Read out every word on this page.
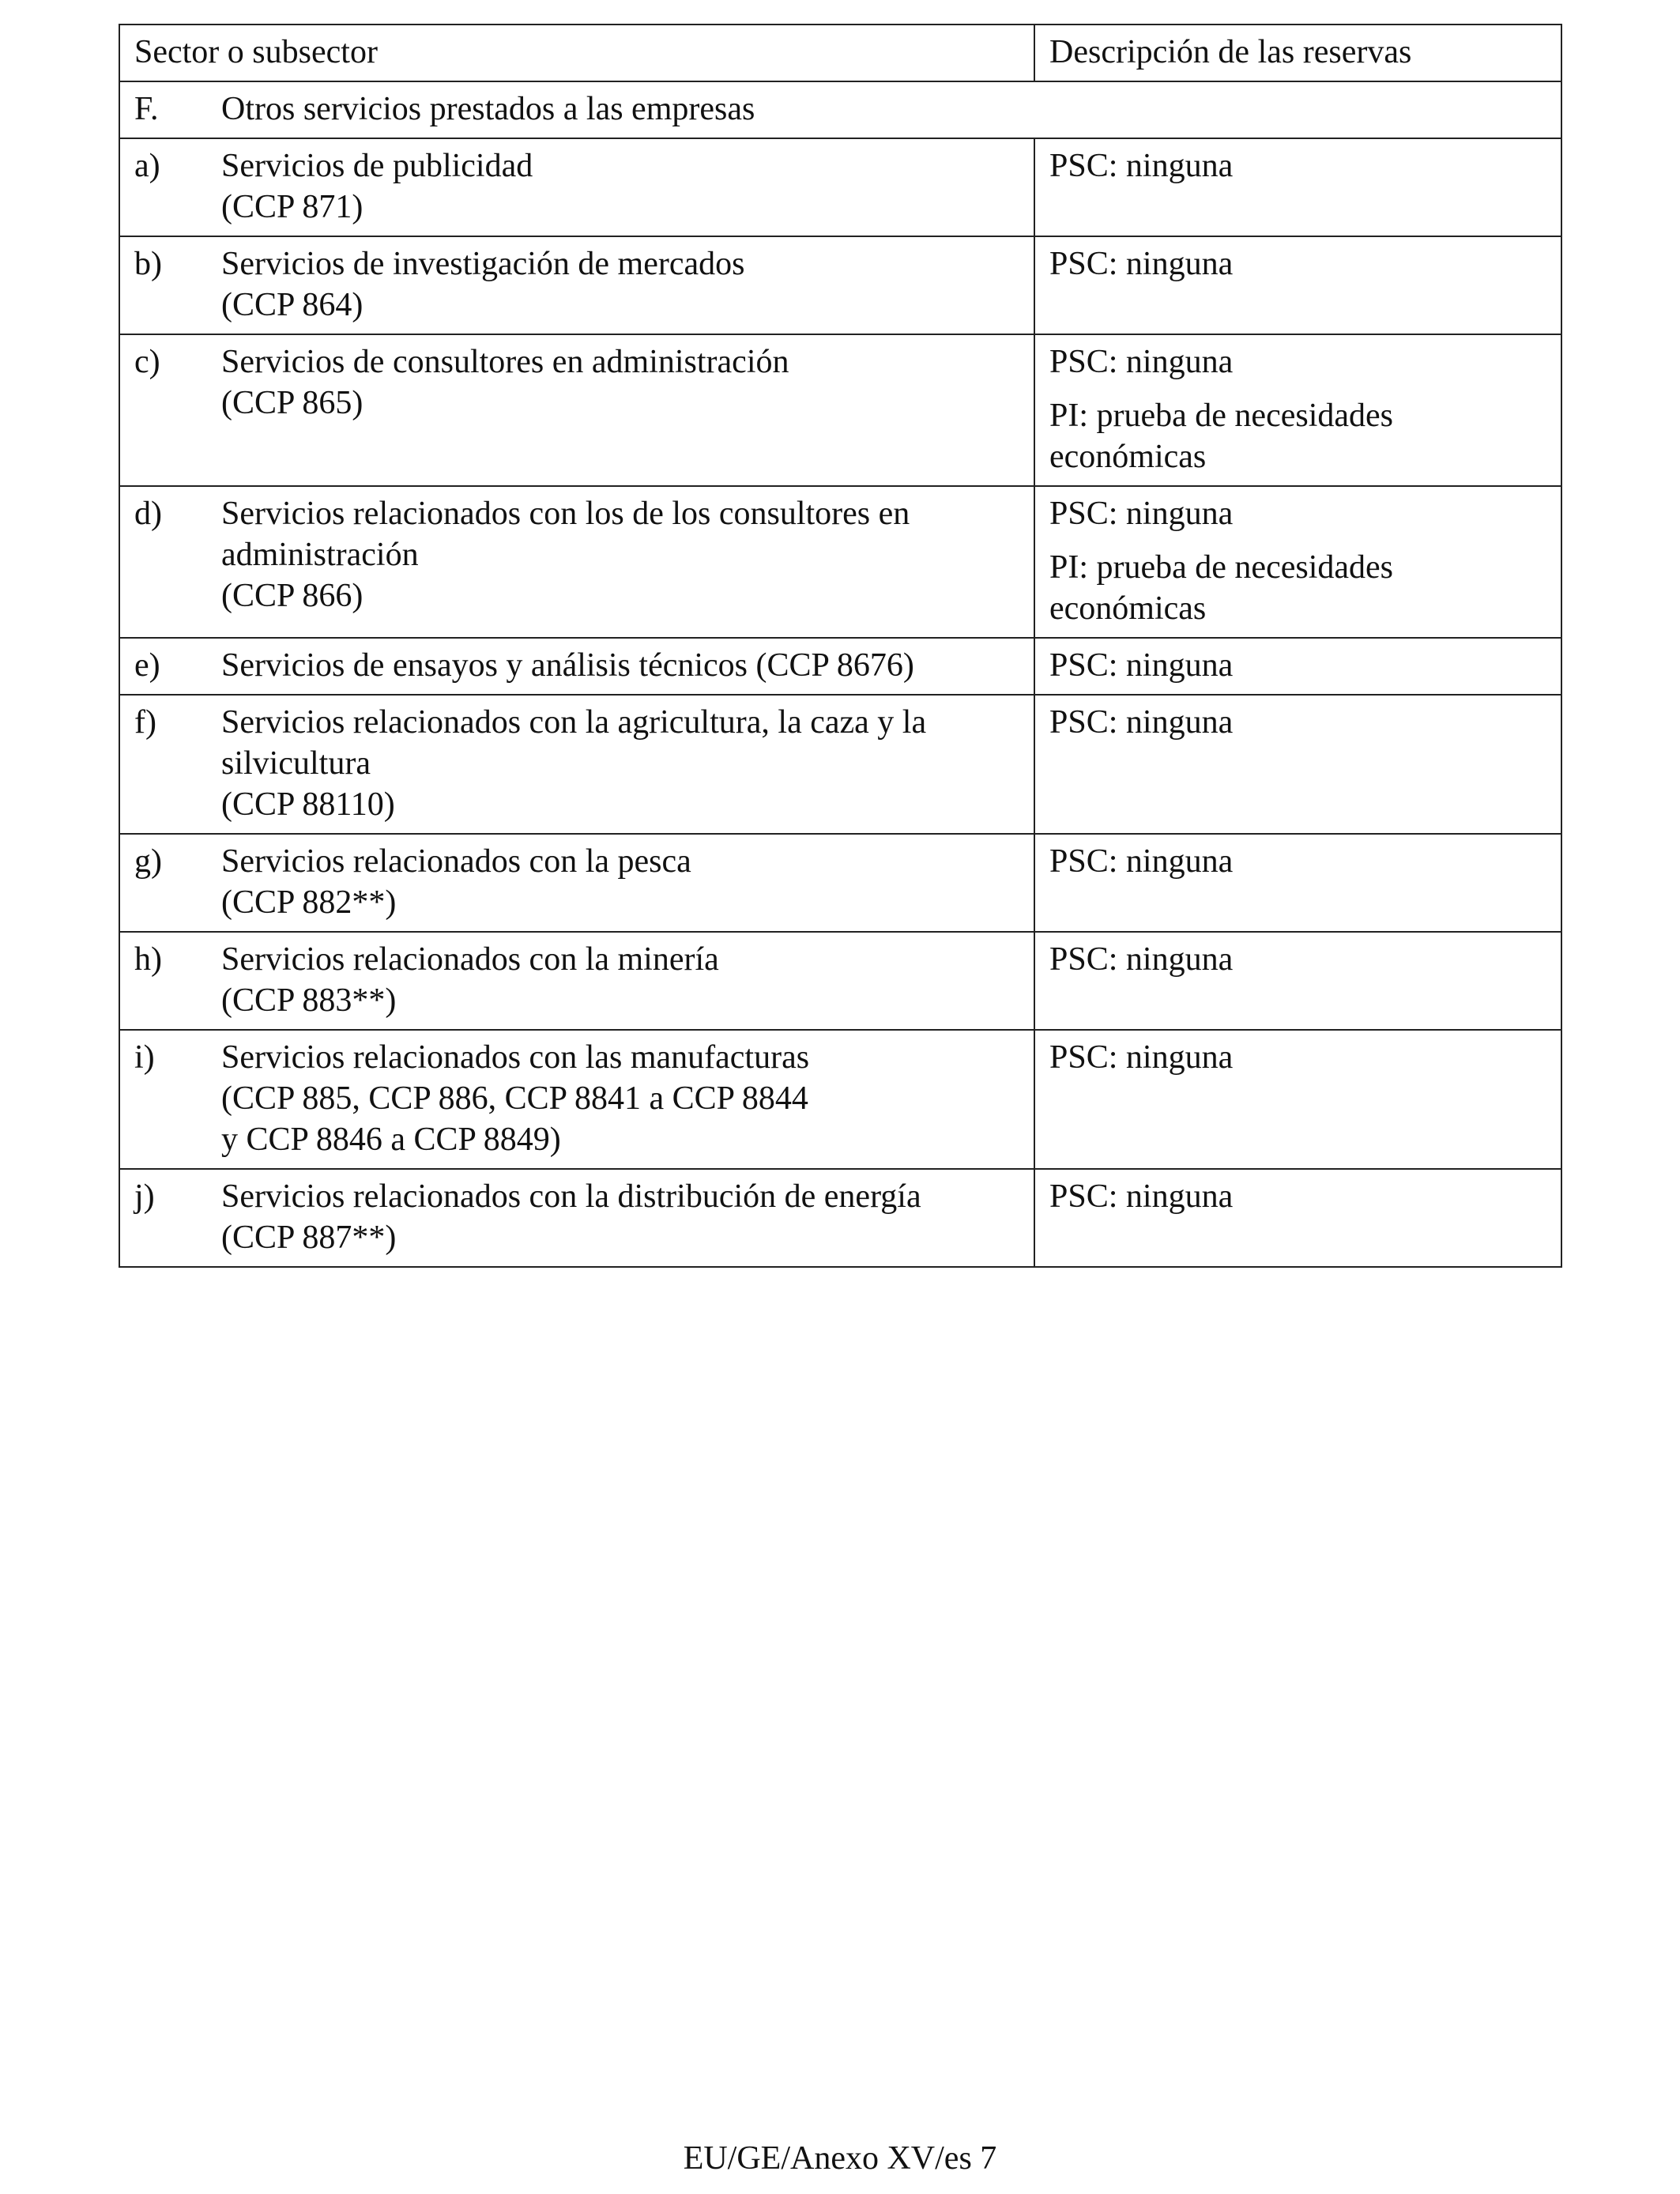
Sector o subsector	Descripción de las reservas

F. Otros servicios prestados a las empresas	

a) Servicios de publicidad
(CCP 871)	PSC: ninguna

b) Servicios de investigación de mercados
(CCP 864)	PSC: ninguna

c) Servicios de consultores en administración
(CCP 865)	PSC: ninguna
PI: prueba de necesidades económicas

d) Servicios relacionados con los de los consultores en administración
(CCP 866)	PSC: ninguna
PI: prueba de necesidades económicas

e) Servicios de ensayos y análisis técnicos (CCP 8676)	PSC: ninguna

f) Servicios relacionados con la agricultura, la caza y la silvicultura
(CCP 88110)	PSC: ninguna

g) Servicios relacionados con la pesca
(CCP 882**)	PSC: ninguna

h) Servicios relacionados con la minería
(CCP 883**)	PSC: ninguna

i) Servicios relacionados con las manufacturas
(CCP 885, CCP 886, CCP 8841 a CCP 8844
y CCP 8846 a CCP 8849)	PSC: ninguna

j) Servicios relacionados con la distribución de energía
(CCP 887**)	PSC: ninguna
EU/GE/Anexo XV/es 7
